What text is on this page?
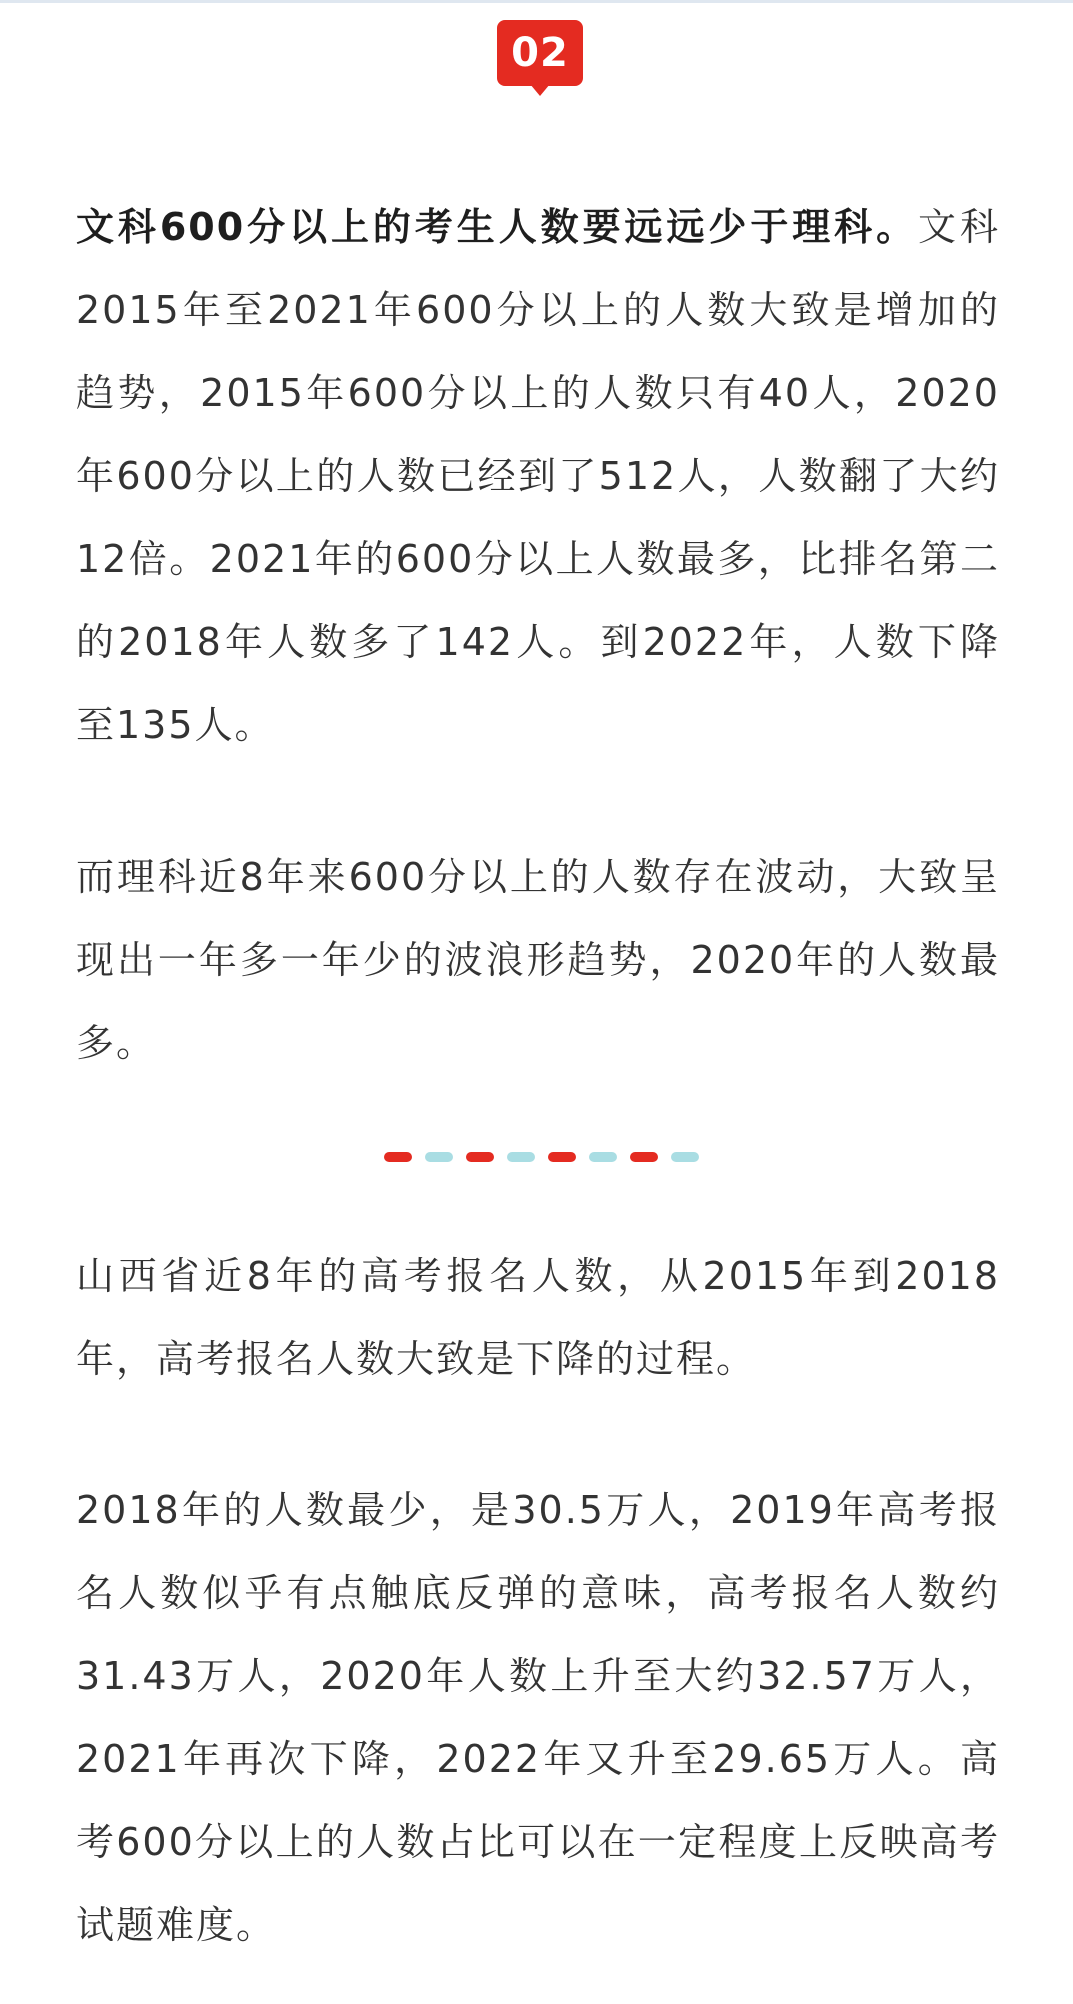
02

文科600分以上的考生人数要远远少于理科。文科2015年至2021年600分以上的人数大致是增加的趋势，2015年600分以上的人数只有40人，2020年600分以上的人数已经到了512人，人数翻了大约12倍。2021年的600分以上人数最多，比排名第二的2018年人数多了142人。到2022年，人数下降至135人。

而理科近8年来600分以上的人数存在波动，大致呈现出一年多一年少的波浪形趋势，2020年的人数最多。

山西省近8年的高考报名人数，从2015年到2018年，高考报名人数大致是下降的过程。

2018年的人数最少，是30.5万人，2019年高考报名人数似乎有点触底反弹的意味，高考报名人数约31.43万人，2020年人数上升至大约32.57万人，2021年再次下降，2022年又升至29.65万人。高考600分以上的人数占比可以在一定程度上反映高考试题难度。
